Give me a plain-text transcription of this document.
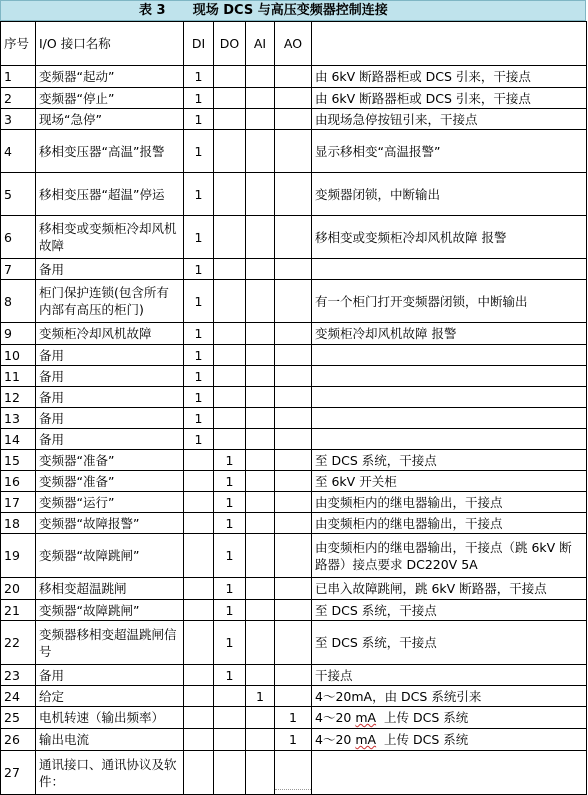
表 3      现场 DCS 与高压变频器控制连接
序号	I/O 接口名称	DI	DO	AI	AO	
1	变频器“起动”	1				由 6kV 断路器柜或 DCS 引来，干接点
2	变频器“停止”	1				由 6kV 断路器柜或 DCS 引来，干接点
3	现场“急停”	1				由现场急停按钮引来，干接点
4	移相变压器“高温”报警	1				显示移相变“高温报警”
5	移相变压器“超温”停运	1				变频器闭锁，中断输出
6	移相变或变频柜冷却风机故障	1				移相变或变频柜冷却风机故障 报警
7	备用	1				
8	柜门保护连锁(包含所有内部有高压的柜门)	1				有一个柜门打开变频器闭锁，中断输出
9	变频柜冷却风机故障	1				变频柜冷却风机故障 报警
10	备用	1				
11	备用	1				
12	备用	1				
13	备用	1				
14	备用	1				
15	变频器“准备”		1			至 DCS 系统，干接点
16	变频器“准备”		1			至 6kV 开关柜
17	变频器“运行”		1			由变频柜内的继电器输出，干接点
18	变频器“故障报警”		1			由变频柜内的继电器输出，干接点
19	变频器“故障跳闸”		1			由变频柜内的继电器输出，干接点（跳 6kV 断路器）接点要求 DC220V 5A
20	移相变超温跳闸		1			已串入故障跳闸，跳 6kV 断路器，干接点
21	变频器“故障跳闸”		1			至 DCS 系统，干接点
22	变频器移相变超温跳闸信号		1			至 DCS 系统，干接点
23	备用		1			干接点
24	给定			1		4～20mA，由 DCS 系统引来
25	电机转速（输出频率）				1	4～20 mA  上传 DCS 系统
26	输出电流				1	4～20 mA  上传 DCS 系统
27	通讯接口、通讯协议及软件：					
